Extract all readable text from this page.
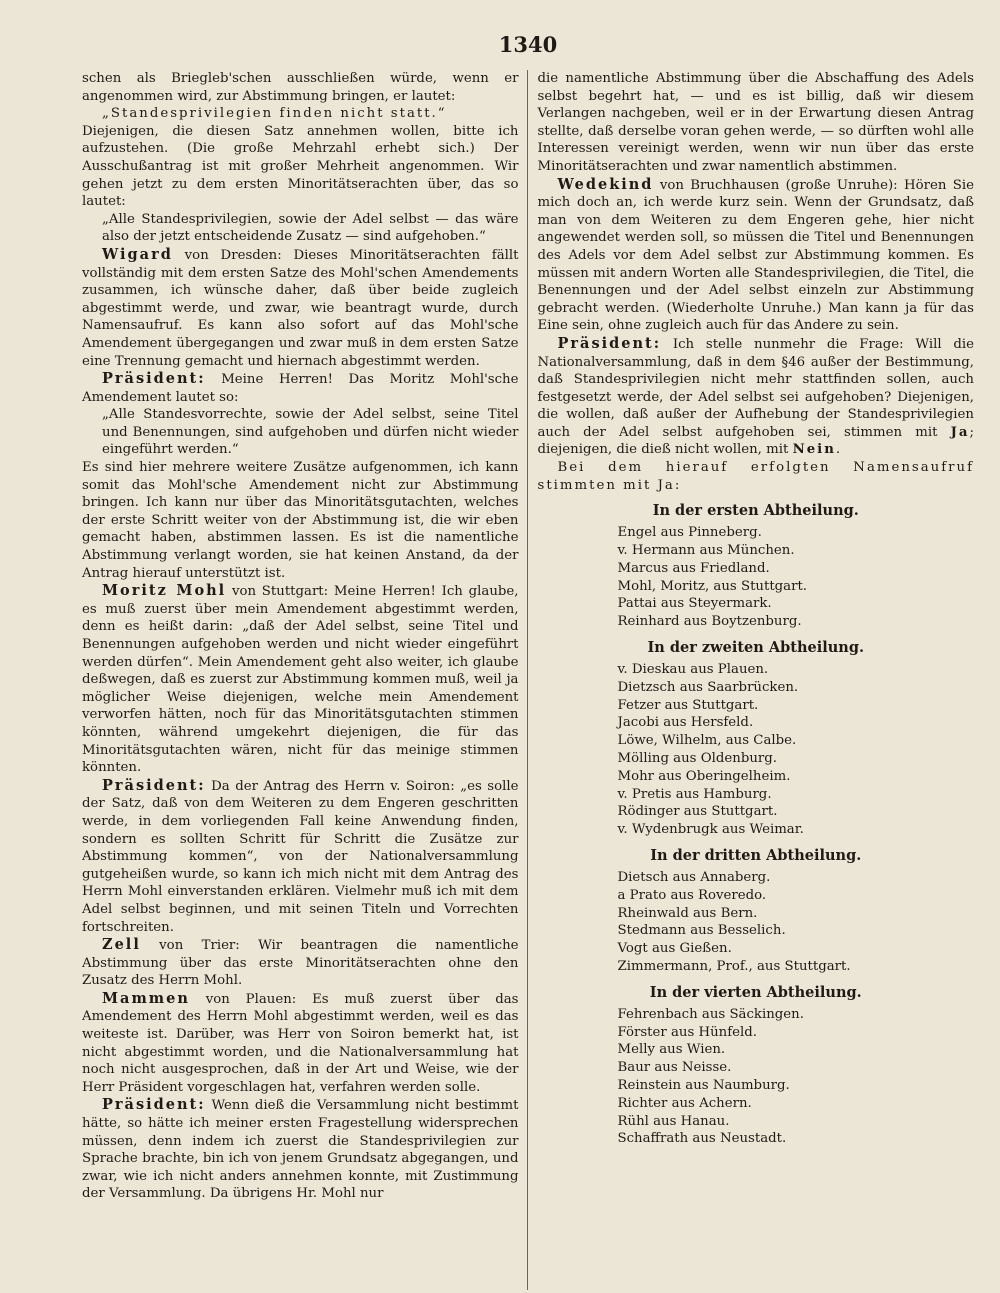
1340

schen als Briegleb'schen ausschließen würde, wenn er angenommen wird, zur Abstimmung bringen, er lautet:

„Standesprivilegien finden nicht statt.“

Diejenigen, die diesen Satz annehmen wollen, bitte ich aufzustehen. (Die große Mehrzahl erhebt sich.) Der Ausschußantrag ist mit großer Mehrheit angenommen. Wir gehen jetzt zu dem ersten Minoritätserachten über, das so lautet:

„Alle Standesprivilegien, sowie der Adel selbst — das wäre also der jetzt entscheidende Zusatz — sind aufgehoben.“

Wigard von Dresden: Dieses Minoritätserachten fällt vollständig mit dem ersten Satze des Mohl'schen Amendements zusammen, ich wünsche daher, daß über beide zugleich abgestimmt werde, und zwar, wie beantragt wurde, durch Namensaufruf. Es kann also sofort auf das Mohl'sche Amendement übergegangen und zwar muß in dem ersten Satze eine Trennung gemacht und hiernach abgestimmt werden.

Präsident: Meine Herren! Das Moritz Mohl'sche Amendement lautet so:

„Alle Standesvorrechte, sowie der Adel selbst, seine Titel und Benennungen, sind aufgehoben und dürfen nicht wieder eingeführt werden.“

Es sind hier mehrere weitere Zusätze aufgenommen, ich kann somit das Mohl'sche Amendement nicht zur Abstimmung bringen. Ich kann nur über das Minoritätsgutachten, welches der erste Schritt weiter von der Abstimmung ist, die wir eben gemacht haben, abstimmen lassen. Es ist die namentliche Abstimmung verlangt worden, sie hat keinen Anstand, da der Antrag hierauf unterstützt ist.

Moritz Mohl von Stuttgart: Meine Herren! Ich glaube, es muß zuerst über mein Amendement abgestimmt werden, denn es heißt darin: „daß der Adel selbst, seine Titel und Benennungen aufgehoben werden und nicht wieder eingeführt werden dürfen“. Mein Amendement geht also weiter, ich glaube deßwegen, daß es zuerst zur Abstimmung kommen muß, weil ja möglicher Weise diejenigen, welche mein Amendement verworfen hätten, noch für das Minoritätsgutachten stimmen könnten, während umgekehrt diejenigen, die für das Minoritätsgutachten wären, nicht für das meinige stimmen könnten.

Präsident: Da der Antrag des Herrn v. Soiron: „es solle der Satz, daß von dem Weiteren zu dem Engeren geschritten werde, in dem vorliegenden Fall keine Anwendung finden, sondern es sollten Schritt für Schritt die Zusätze zur Abstimmung kommen“, von der Nationalversammlung gutgeheißen wurde, so kann ich mich nicht mit dem Antrag des Herrn Mohl einverstanden erklären. Vielmehr muß ich mit dem Adel selbst beginnen, und mit seinen Titeln und Vorrechten fortschreiten.

Zell von Trier: Wir beantragen die namentliche Abstimmung über das erste Minoritätserachten ohne den Zusatz des Herrn Mohl.

Mammen von Plauen: Es muß zuerst über das Amendement des Herrn Mohl abgestimmt werden, weil es das weiteste ist. Darüber, was Herr von Soiron bemerkt hat, ist nicht abgestimmt worden, und die Nationalversammlung hat noch nicht ausgesprochen, daß in der Art und Weise, wie der Herr Präsident vorgeschlagen hat, verfahren werden solle.

Präsident: Wenn dieß die Versammlung nicht bestimmt hätte, so hätte ich meiner ersten Fragestellung widersprechen müssen, denn indem ich zuerst die Standesprivilegien zur Sprache brachte, bin ich von jenem Grundsatz abgegangen, und zwar, wie ich nicht anders annehmen konnte, mit Zustimmung der Versammlung. Da übrigens Hr. Mohl nur

die namentliche Abstimmung über die Abschaffung des Adels selbst begehrt hat, — und es ist billig, daß wir diesem Verlangen nachgeben, weil er in der Erwartung diesen Antrag stellte, daß derselbe voran gehen werde, — so dürften wohl alle Interessen vereinigt werden, wenn wir nun über das erste Minoritätserachten und zwar namentlich abstimmen.

Wedekind von Bruchhausen (große Unruhe): Hören Sie mich doch an, ich werde kurz sein. Wenn der Grundsatz, daß man von dem Weiteren zu dem Engeren gehe, hier nicht angewendet werden soll, so müssen die Titel und Benennungen des Adels vor dem Adel selbst zur Abstimmung kommen. Es müssen mit andern Worten alle Standesprivilegien, die Titel, die Benennungen und der Adel selbst einzeln zur Abstimmung gebracht werden. (Wiederholte Unruhe.) Man kann ja für das Eine sein, ohne zugleich auch für das Andere zu sein.

Präsident: Ich stelle nunmehr die Frage: Will die Nationalversammlung, daß in dem §46 außer der Bestimmung, daß Standesprivilegien nicht mehr stattfinden sollen, auch festgesetzt werde, der Adel selbst sei aufgehoben? Diejenigen, die wollen, daß außer der Aufhebung der Standesprivilegien auch der Adel selbst aufgehoben sei, stimmen mit Ja; diejenigen, die dieß nicht wollen, mit Nein.

Bei dem hierauf erfolgten Namensaufruf stimmten mit Ja:

In der ersten Abtheilung.
Engel aus Pinneberg.
v. Hermann aus München.
Marcus aus Friedland.
Mohl, Moritz, aus Stuttgart.
Pattai aus Steyermark.
Reinhard aus Boytzenburg.
In der zweiten Abtheilung.
v. Dieskau aus Plauen.
Dietzsch aus Saarbrücken.
Fetzer aus Stuttgart.
Jacobi aus Hersfeld.
Löwe, Wilhelm, aus Calbe.
Mölling aus Oldenburg.
Mohr aus Oberingelheim.
v. Pretis aus Hamburg.
Rödinger aus Stuttgart.
v. Wydenbrugk aus Weimar.
In der dritten Abtheilung.
Dietsch aus Annaberg.
a Prato aus Roveredo.
Rheinwald aus Bern.
Stedmann aus Besselich.
Vogt aus Gießen.
Zimmermann, Prof., aus Stuttgart.
In der vierten Abtheilung.
Fehrenbach aus Säckingen.
Förster aus Hünfeld.
Melly aus Wien.
Baur aus Neisse.
Reinstein aus Naumburg.
Richter aus Achern.
Rühl aus Hanau.
Schaffrath aus Neustadt.
